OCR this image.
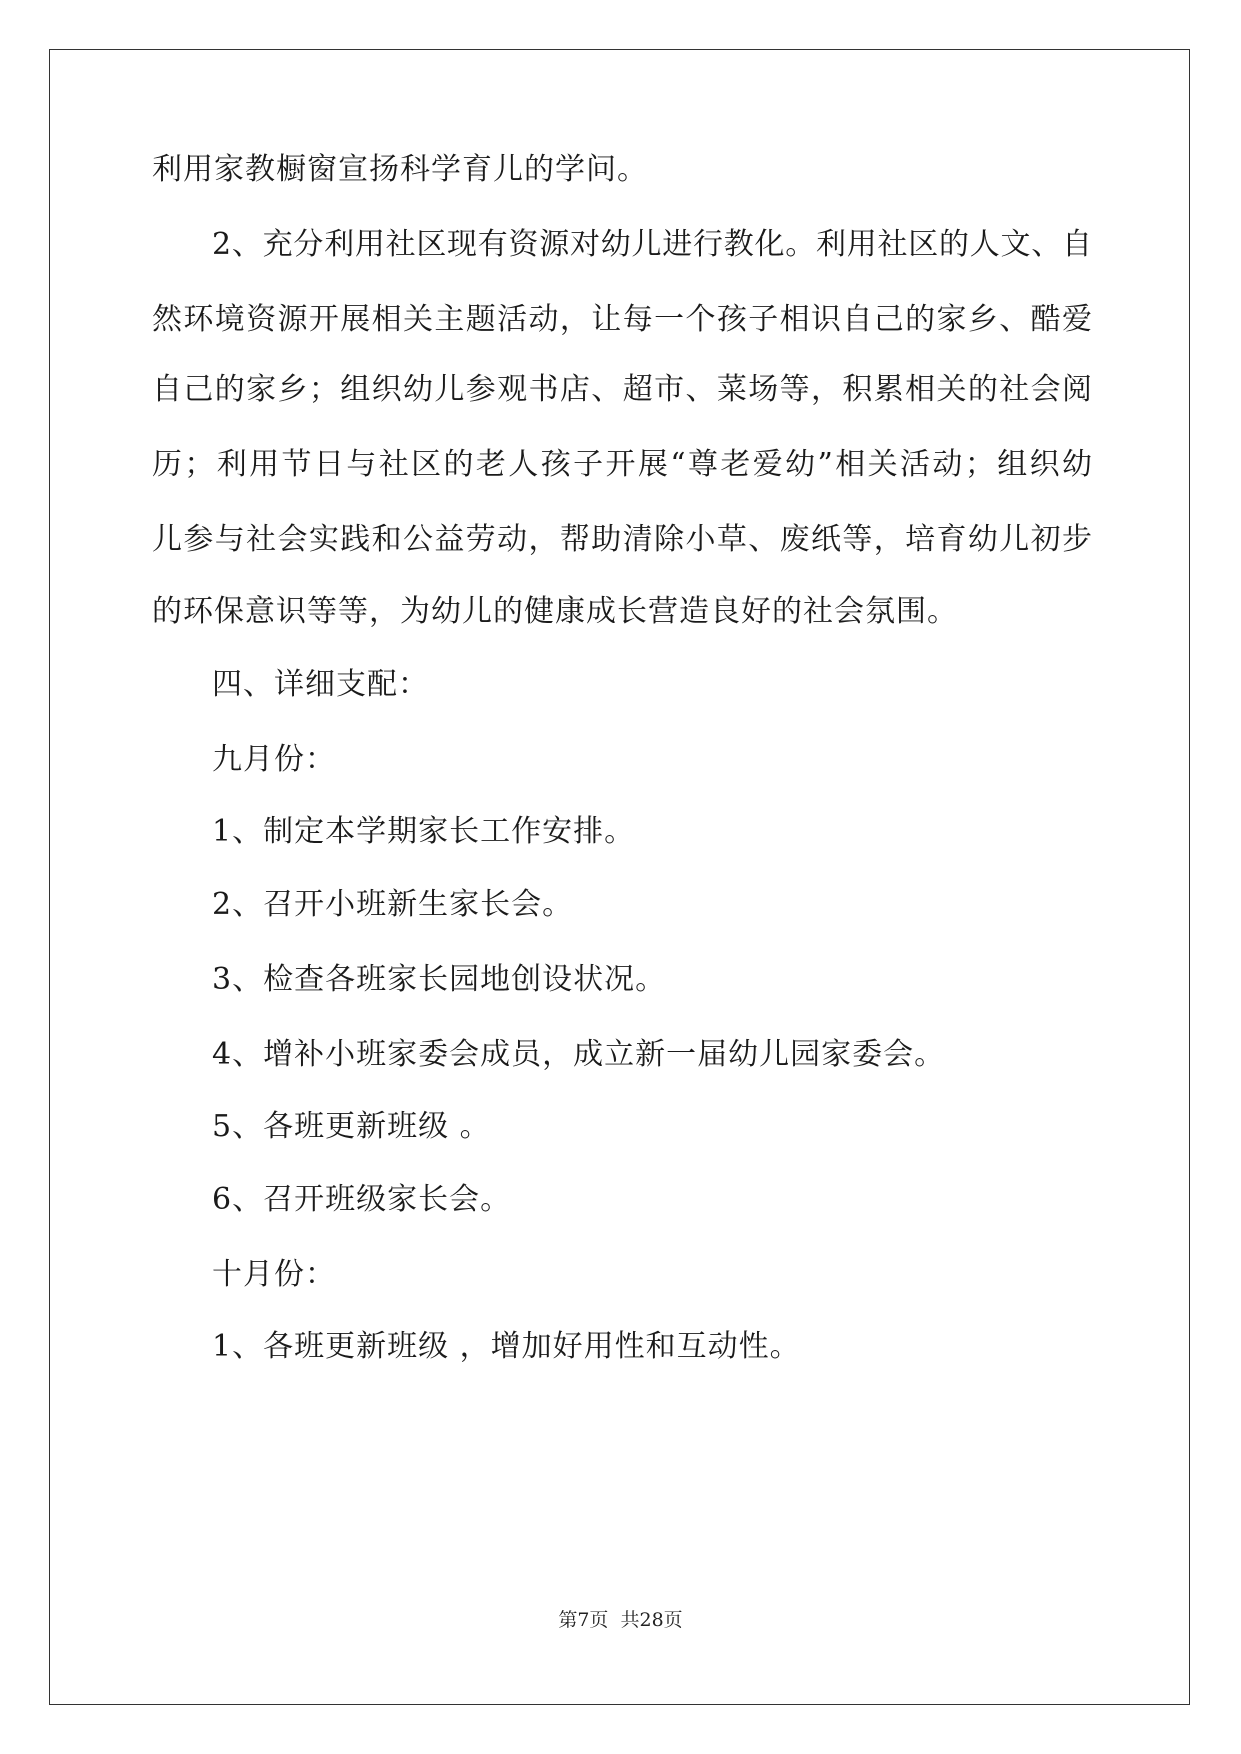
利用家教橱窗宣扬科学育儿的学问。
2、充分利用社区现有资源对幼儿进行教化。利用社区的人文、自
然环境资源开展相关主题活动，让每一个孩子相识自己的家乡、酷爱
自己的家乡；组织幼儿参观书店、超市、菜场等，积累相关的社会阅
历；利用节日与社区的老人孩子开展“尊老爱幼”相关活动；组织幼
儿参与社会实践和公益劳动，帮助清除小草、废纸等，培育幼儿初步
的环保意识等等，为幼儿的健康成长营造良好的社会氛围。
四、详细支配：
九月份：
1、制定本学期家长工作安排。
2、召开小班新生家长会。
3、检查各班家长园地创设状况。
4、增补小班家委会成员，成立新一届幼儿园家委会。
5、各班更新班级 。
6、召开班级家长会。
十月份：
1、各班更新班级 ，增加好用性和互动性。
第7页  共28页
